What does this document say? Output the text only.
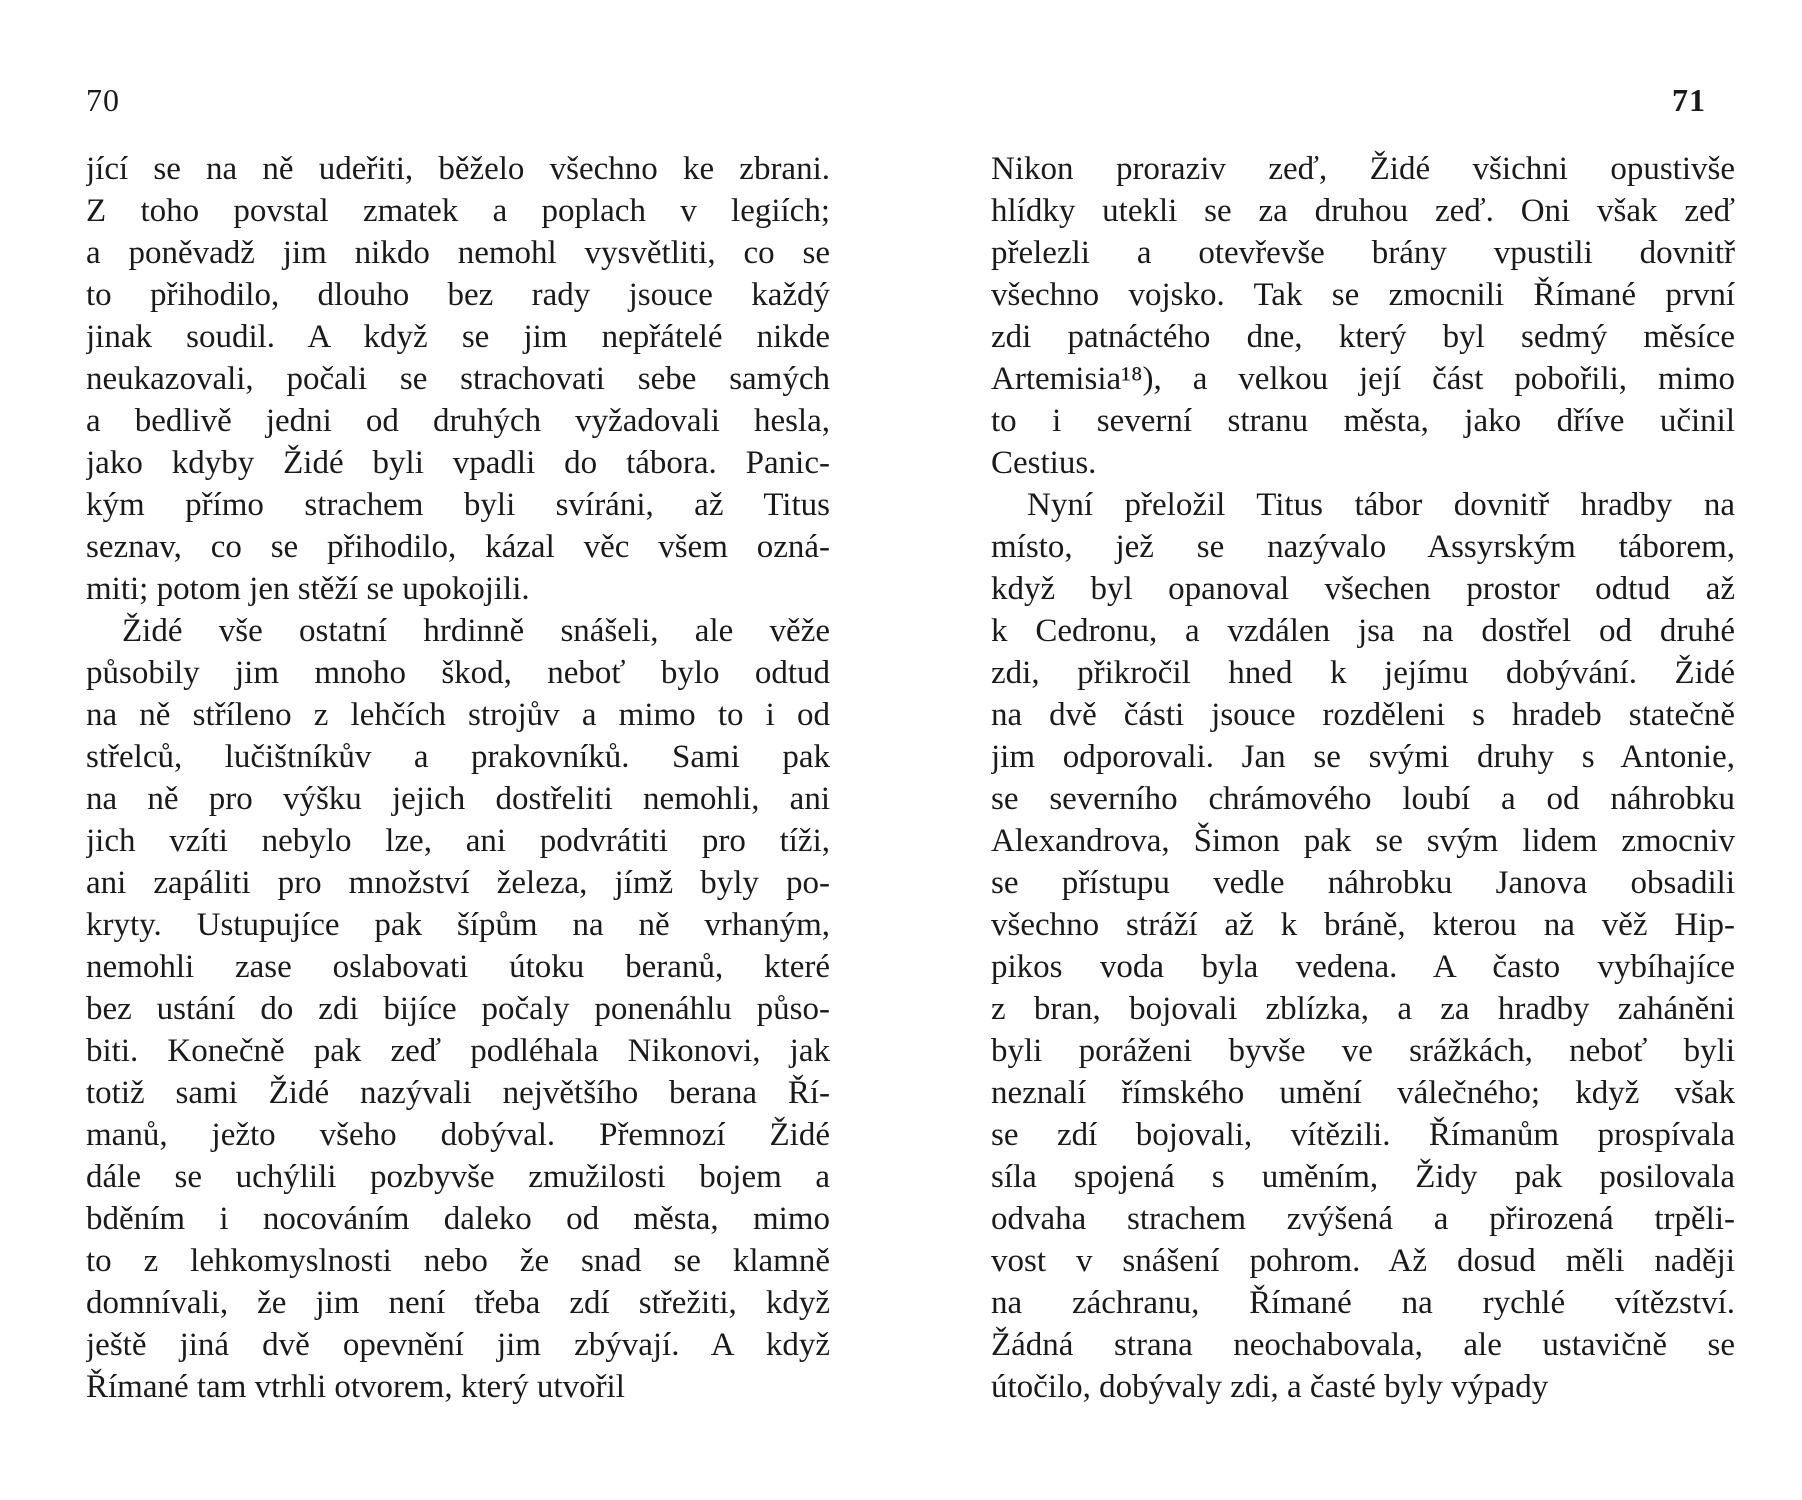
70
jící se na ně udeřiti, běželo všechno ke zbrani.
Z toho povstal zmatek a poplach v legiích;
a poněvadž jim nikdo nemohl vysvětliti, co se
to přihodilo, dlouho bez rady jsouce každý
jinak soudil. A když se jim nepřátelé nikde
neukazovali, počali se strachovati sebe samých
a bedlivě jedni od druhých vyžadovali hesla,
jako kdyby Židé byli vpadli do tábora. Panic-
kým přímo strachem byli svíráni, až Titus
seznav, co se přihodilo, kázal věc všem ozná-
miti; potom jen stěží se upokojili.
Židé vše ostatní hrdinně snášeli, ale věže
působily jim mnoho škod, neboť bylo odtud
na ně stříleno z lehčích strojův a mimo to i od
střelců, lučištníkův a prakovníků. Sami pak
na ně pro výšku jejich dostřeliti nemohli, ani
jich vzíti nebylo lze, ani podvrátiti pro tíži,
ani zapáliti pro množství železa, jímž byly po-
kryty. Ustupujíce pak šípům na ně vrhaným,
nemohli zase oslabovati útoku beranů, které
bez ustání do zdi bijíce počaly ponenáhlu půso-
biti. Konečně pak zeď podléhala Nikonovi, jak
totiž sami Židé nazývali největšího berana Ří-
manů, ježto všeho dobýval. Přemnozí Židé
dále se uchýlili pozbyvše zmužilosti bojem a
bděním i nocováním daleko od města, mimo
to z lehkomyslnosti nebo že snad se klamně
domnívali, že jim není třeba zdí střežiti, když
ještě jiná dvě opevnění jim zbývají. A když
Římané tam vtrhli otvorem, který utvořil
71
Nikon proraziv zeď, Židé všichni opustivše
hlídky utekli se za druhou zeď. Oni však zeď
přelezli a otevřevše brány vpustili dovnitř
všechno vojsko. Tak se zmocnili Římané první
zdi patnáctého dne, který byl sedmý měsíce
Artemisia¹⁸), a velkou její část pobořili, mimo
to i severní stranu města, jako dříve učinil
Cestius.
Nyní přeložil Titus tábor dovnitř hradby na
místo, jež se nazývalo Assyrským táborem,
když byl opanoval všechen prostor odtud až
k Cedronu, a vzdálen jsa na dostřel od druhé
zdi, přikročil hned k jejímu dobývání. Židé
na dvě části jsouce rozděleni s hradeb statečně
jim odporovali. Jan se svými druhy s Antonie,
se severního chrámového loubí a od náhrobku
Alexandrova, Šimon pak se svým lidem zmocniv
se přístupu vedle náhrobku Janova obsadili
všechno stráží až k bráně, kterou na věž Hip-
pikos voda byla vedena. A často vybíhajíce
z bran, bojovali zblízka, a za hradby zaháněni
byli poráženi byvše ve srážkách, neboť byli
neznalí římského umění válečného; když však
se zdí bojovali, vítězili. Římanům prospívala
síla spojená s uměním, Židy pak posilovala
odvaha strachem zvýšená a přirozená trpěli-
vost v snášení pohrom. Až dosud měli naději
na záchranu, Římané na rychlé vítězství.
Žádná strana neochabovala, ale ustavičně se
útočilo, dobývaly zdi, a časté byly výpady
